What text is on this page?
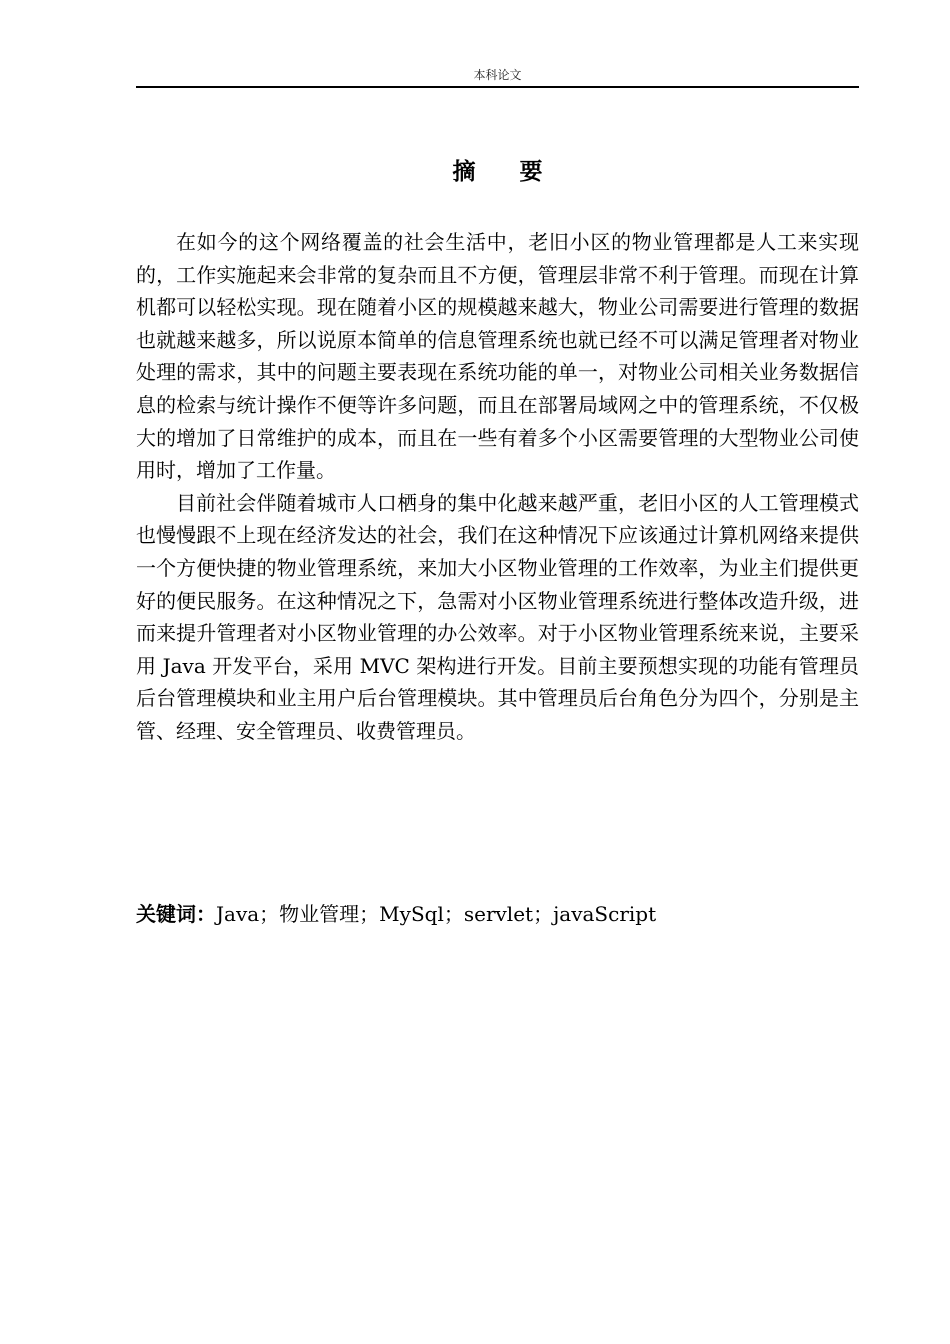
本科论文
摘要

在如今的这个网络覆盖的社会生活中，老旧小区的物业管理都是人工来实现的，工作实施起来会非常的复杂而且不方便，管理层非常不利于管理。而现在计算机都可以轻松实现。现在随着小区的规模越来越大，物业公司需要进行管理的数据也就越来越多，所以说原本简单的信息管理系统也就已经不可以满足管理者对物业处理的需求，其中的问题主要表现在系统功能的单一，对物业公司相关业务数据信息的检索与统计操作不便等许多问题，而且在部署局域网之中的管理系统，不仅极大的增加了日常维护的成本，而且在一些有着多个小区需要管理的大型物业公司使用时，增加了工作量。

目前社会伴随着城市人口栖身的集中化越来越严重，老旧小区的人工管理模式也慢慢跟不上现在经济发达的社会，我们在这种情况下应该通过计算机网络来提供一个方便快捷的物业管理系统，来加大小区物业管理的工作效率，为业主们提供更好的便民服务。在这种情况之下，急需对小区物业管理系统进行整体改造升级，进而来提升管理者对小区物业管理的办公效率。对于小区物业管理系统来说，主要采用 Java 开发平台，采用 MVC 架构进行开发。目前主要预想实现的功能有管理员后台管理模块和业主用户后台管理模块。其中管理员后台角色分为四个，分别是主管、经理、安全管理员、收费管理员。

关键词：Java；物业管理；MySql；servlet；javaScript
